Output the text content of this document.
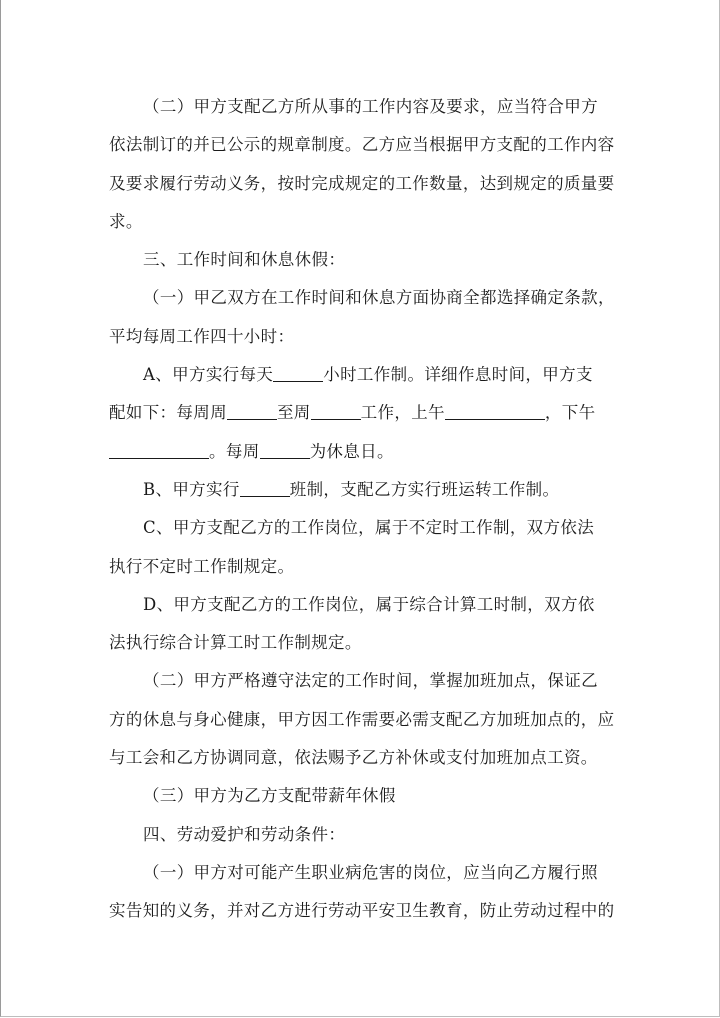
（二）甲方支配乙方所从事的工作内容及要求，应当符合甲方
依法制订的并已公示的规章制度。乙方应当根据甲方支配的工作内容
及要求履行劳动义务，按时完成规定的工作数量，达到规定的质量要
求。

三、工作时间和休息休假：

（一）甲乙双方在工作时间和休息方面协商全都选择确定条款，
平均每周工作四十小时：

A、甲方实行每天	小时工作制。详细作息时间，甲方支
配如下：每周周	至周	工作，上午	，下午
。每周	为休息日。

B、甲方实行	班制，支配乙方实行班运转工作制。

C、甲方支配乙方的工作岗位，属于不定时工作制，双方依法
执行不定时工作制规定。

D、甲方支配乙方的工作岗位，属于综合计算工时制，双方依
法执行综合计算工时工作制规定。

（二）甲方严格遵守法定的工作时间，掌握加班加点，保证乙
方的休息与身心健康，甲方因工作需要必需支配乙方加班加点的，应
与工会和乙方协调同意，依法赐予乙方补休或支付加班加点工资。

（三）甲方为乙方支配带薪年休假

四、劳动爱护和劳动条件：

（一）甲方对可能产生职业病危害的岗位，应当向乙方履行照
实告知的义务，并对乙方进行劳动平安卫生教育，防止劳动过程中的
